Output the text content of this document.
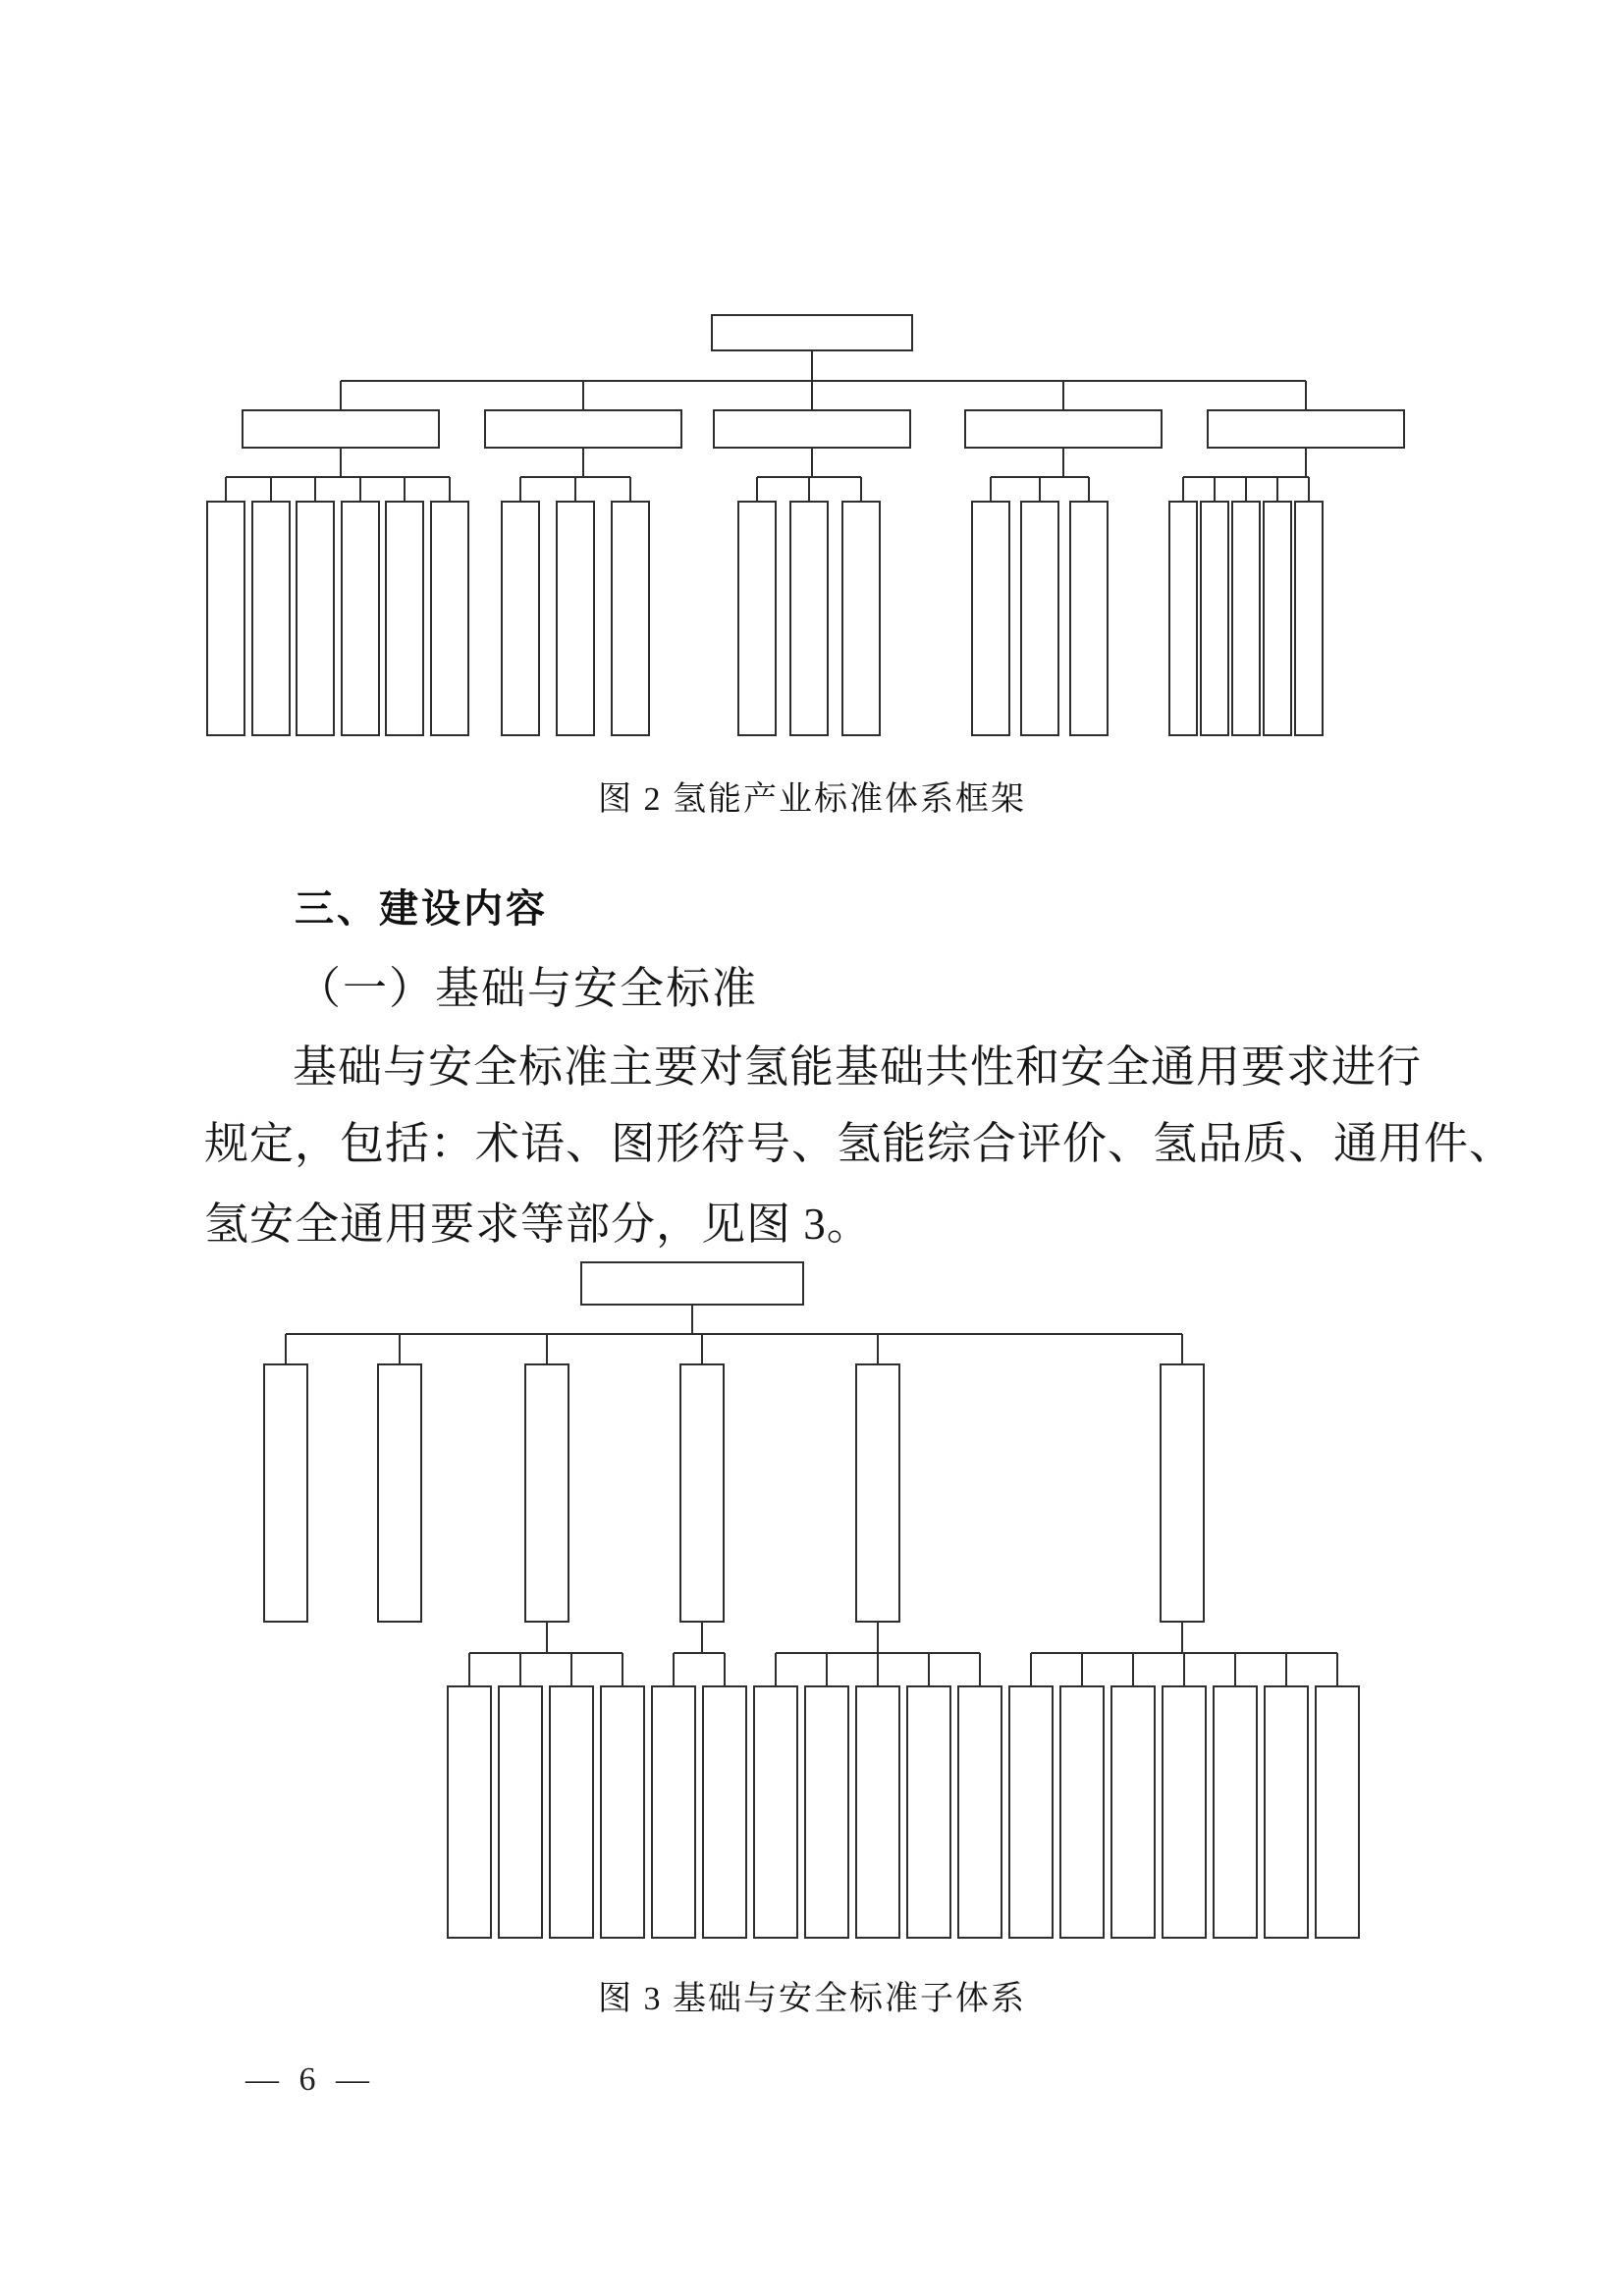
图 2 氢能产业标准体系框架
三、建设内容
（一）基础与安全标准
基础与安全标准主要对氢能基础共性和安全通用要求进行
规定，包括：术语、图形符号、氢能综合评价、氢品质、通用件、
氢安全通用要求等部分，见图 3。
图 3 基础与安全标准子体系
— 6 —
